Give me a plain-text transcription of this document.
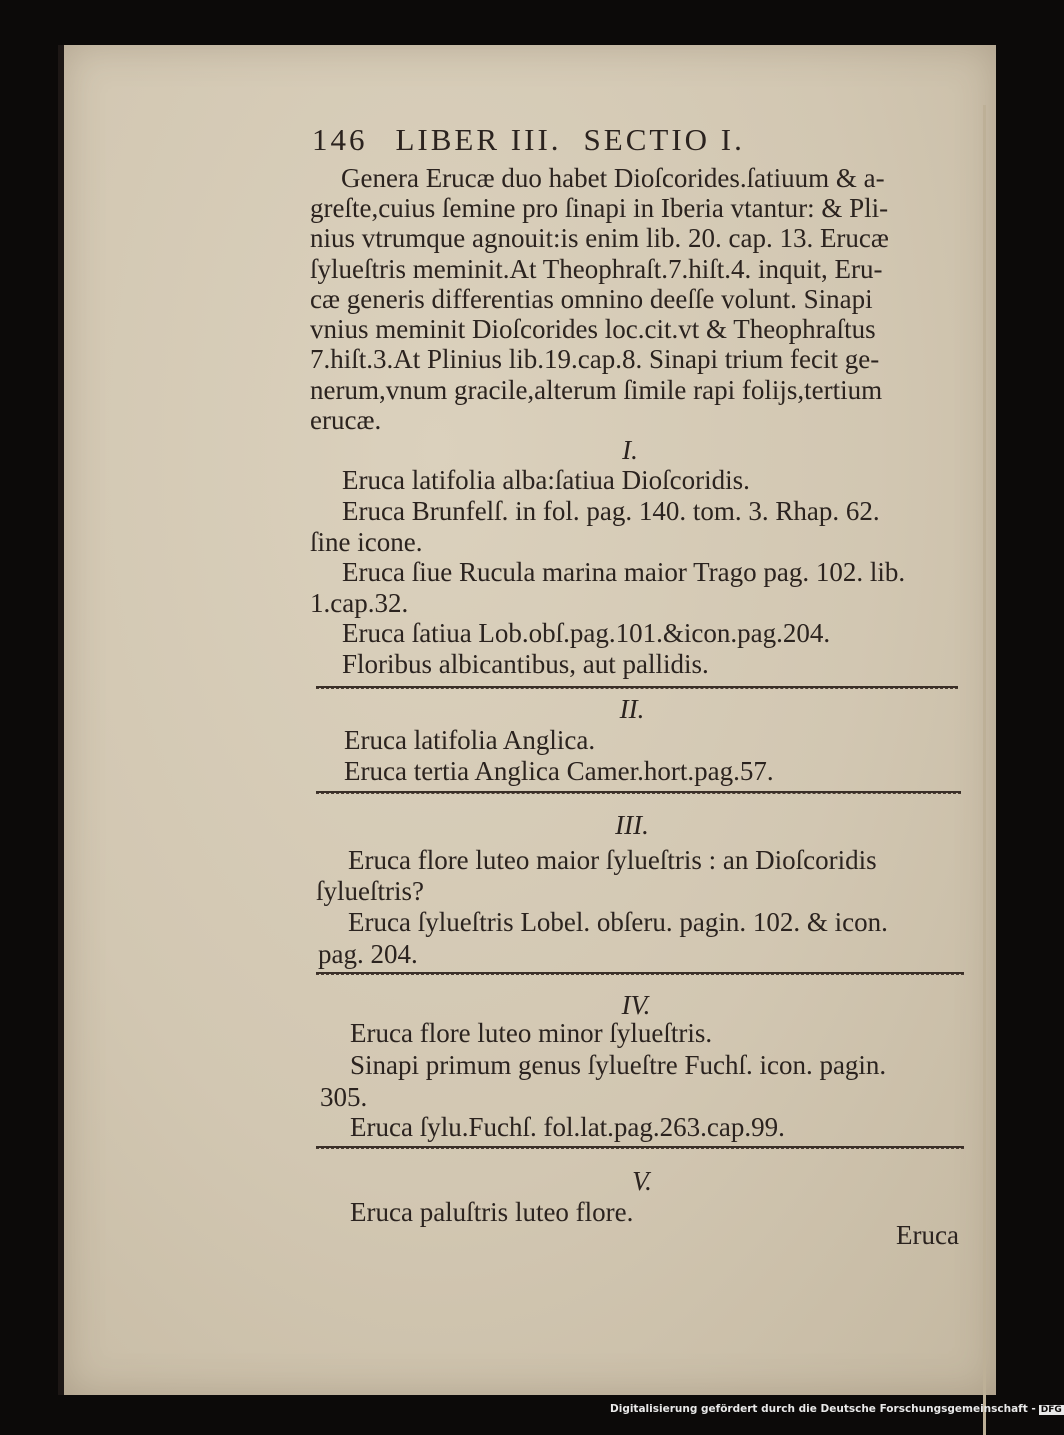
146 LIBER III. SECTIO I.
Genera Erucæ duo habet Dioſcorides.ſatiuum & a-
greſte,cuius ſemine pro ſinapi in Iberia vtantur: & Pli-
nius vtrumque agnouit:is enim lib. 20. cap. 13. Erucæ
ſylueſtris meminit.At Theophraſt.7.hiſt.4. inquit, Eru-
cæ generis differentias omnino deeſſe volunt. Sinapi
vnius meminit Dioſcorides loc.cit.vt & Theophraſtus
7.hiſt.3.At Plinius lib.19.cap.8. Sinapi trium fecit ge-
nerum,vnum gracile,alterum ſimile rapi folijs,tertium
erucæ.
I.
Eruca latifolia alba:ſatiua Dioſcoridis.
Eruca Brunfelſ. in fol. pag. 140. tom. 3. Rhap. 62.
ſine icone.
Eruca ſiue Rucula marina maior Trago pag. 102. lib.
1.cap.32.
Eruca ſatiua Lob.obſ.pag.101.&icon.pag.204.
Floribus albicantibus, aut pallidis.
II.
Eruca latifolia Anglica.
Eruca tertia Anglica Camer.hort.pag.57.
III.
Eruca flore luteo maior ſylueſtris : an Dioſcoridis
ſylueſtris?
Eruca ſylueſtris Lobel. obſeru. pagin. 102. & icon.
pag. 204.
IV.
Eruca flore luteo minor ſylueſtris.
Sinapi primum genus ſylueſtre Fuchſ. icon. pagin.
305.
Eruca ſylu.Fuchſ. fol.lat.pag.263.cap.99.
V.
Eruca paluſtris luteo flore.
Eruca
Digitalisierung gefördert durch die Deutsche Forschungsgemeinschaft - DFG
